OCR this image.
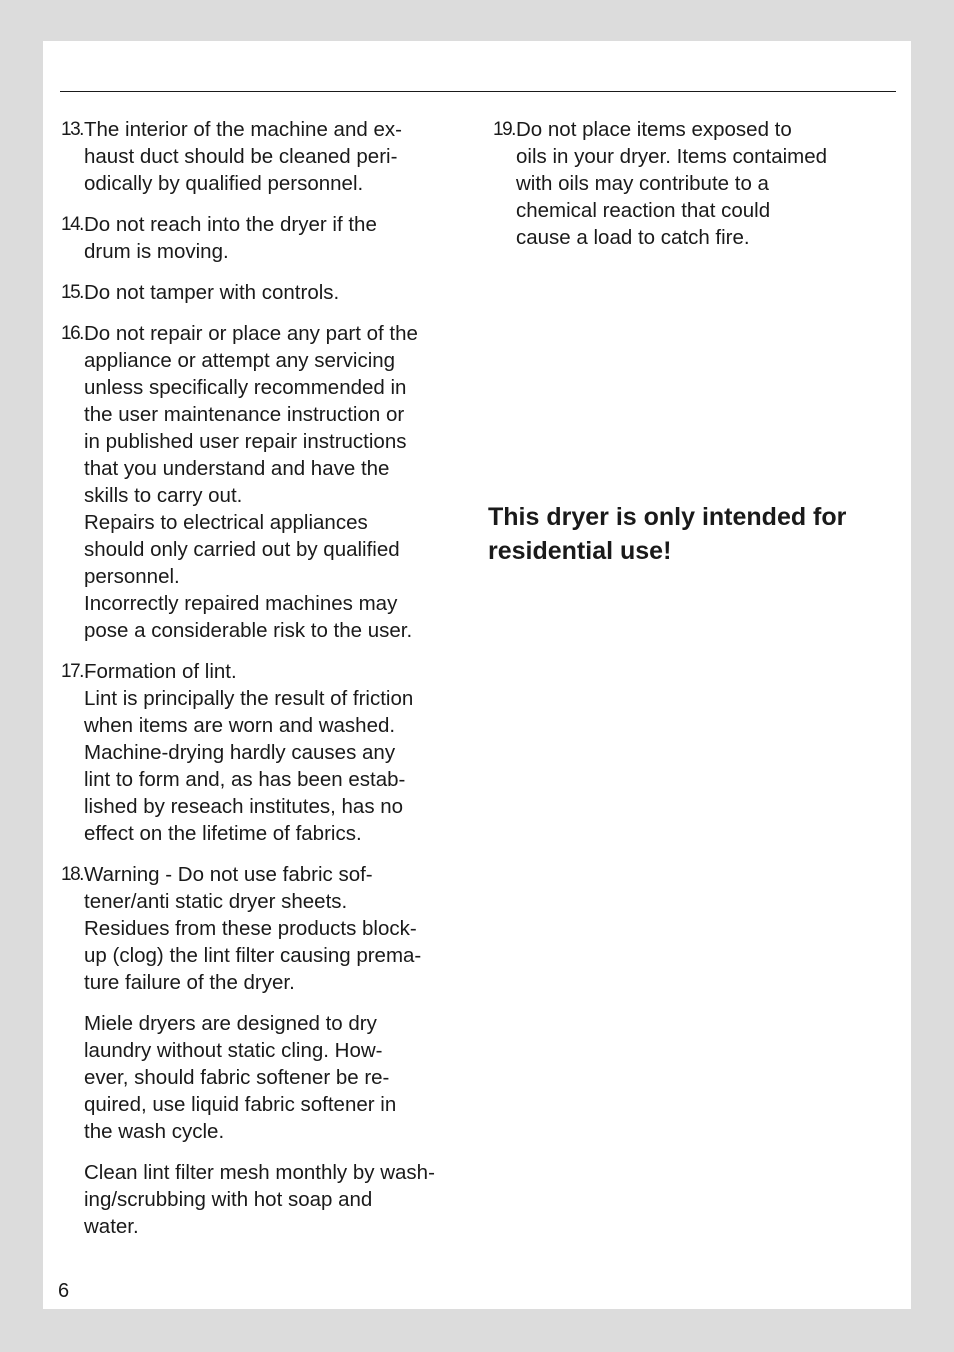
13. The interior of the machine and ex-
haust duct should be cleaned peri-
odically by qualified personnel.
14. Do not reach into the dryer if the
drum is moving.
15. Do not tamper with controls.
16. Do not repair or place any part of the
appliance or attempt any servicing
unless specifically recommended in
the user maintenance instruction or
in published user repair instructions
that you understand and have the
skills to carry out.
Repairs to electrical appliances
should only carried out by qualified
personnel.
Incorrectly repaired machines may
pose a considerable risk to the user.
17. Formation of lint.
Lint is principally the result of friction
when items are worn and washed.
Machine-drying hardly causes any
lint to form and, as has been estab-
lished by reseach institutes, has no
effect on the lifetime of fabrics.
18. Warning - Do not use fabric sof-
tener/anti static dryer sheets.
Residues from these products block-
up (clog) the lint filter causing prema-
ture failure of the dryer.
Miele dryers are designed to dry
laundry without static cling. How-
ever, should fabric softener be re-
quired, use liquid fabric softener in
the wash cycle.
Clean lint filter mesh monthly by wash-
ing/scrubbing with hot soap and
water.
19. Do not place items exposed to
oils in your dryer. Items contaimed
with oils may contribute to a
chemical reaction that could
cause a load to catch fire.
This dryer is only intended for
residential use!
6
